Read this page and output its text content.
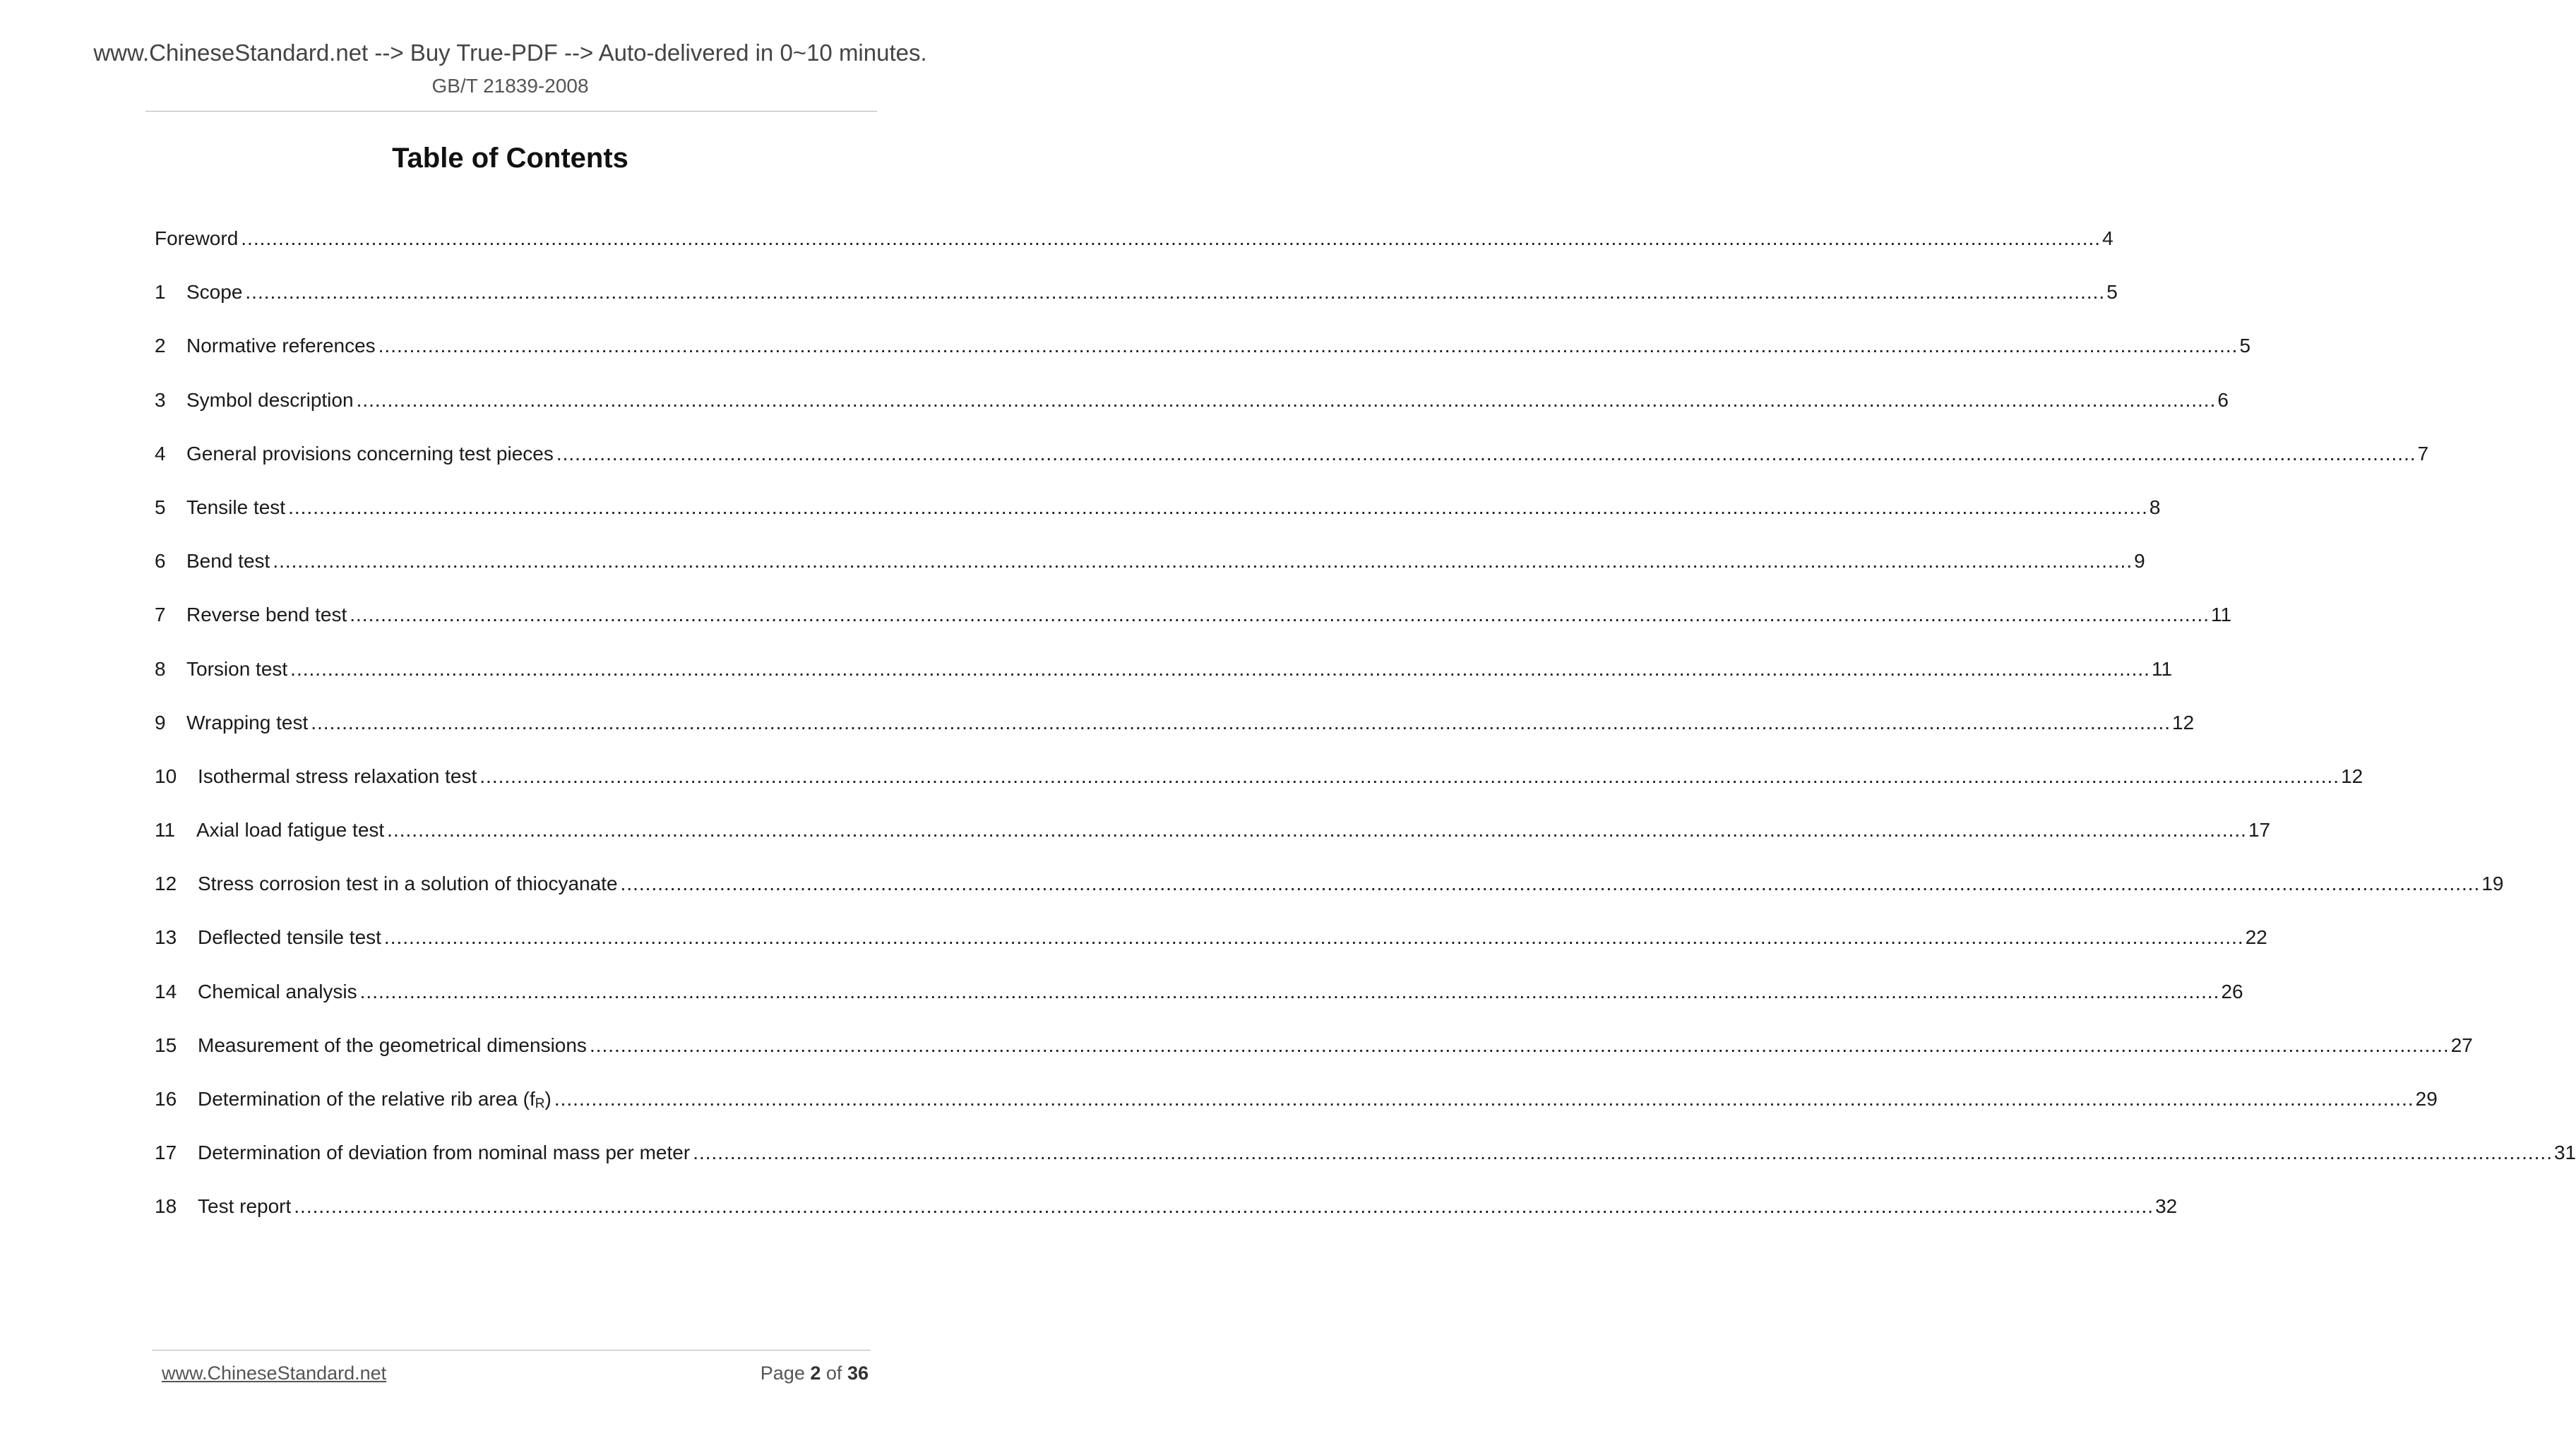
www.ChineseStandard.net --> Buy True-PDF --> Auto-delivered in 0~10 minutes.
GB/T 21839-2008
Table of Contents
Foreword ............................................................................................................................................................................................................................................................................................................ 4
1	Scope ............................................................................................................................................................................................................................................................................................................ 5
2	Normative references ............................................................................................................................................................................................................................................................................................................ 5
3	Symbol description ............................................................................................................................................................................................................................................................................................................ 6
4	General provisions concerning test pieces ............................................................................................................................................................................................................................................................................................................ 7
5	Tensile test ............................................................................................................................................................................................................................................................................................................ 8
6	Bend test ............................................................................................................................................................................................................................................................................................................ 9
7	Reverse bend test ............................................................................................................................................................................................................................................................................................................ 11
8	Torsion test ............................................................................................................................................................................................................................................................................................................ 11
9	Wrapping test ............................................................................................................................................................................................................................................................................................................ 12
10	Isothermal stress relaxation test ............................................................................................................................................................................................................................................................................................................ 12
11	Axial load fatigue test ............................................................................................................................................................................................................................................................................................................ 17
12	Stress corrosion test in a solution of thiocyanate ............................................................................................................................................................................................................................................................................................................ 19
13	Deflected tensile test ............................................................................................................................................................................................................................................................................................................ 22
14	Chemical analysis ............................................................................................................................................................................................................................................................................................................ 26
15	Measurement of the geometrical dimensions ............................................................................................................................................................................................................................................................................................................ 27
16	Determination of the relative rib area $(f_R)$ ............................................................................................................................................................................................................................................................................................................ 29
17	Determination of deviation from nominal mass per meter ............................................................................................................................................................................................................................................................................................................ 31
18	Test report ............................................................................................................................................................................................................................................................................................................ 32
www.ChineseStandard.net	Page 2 of 36
